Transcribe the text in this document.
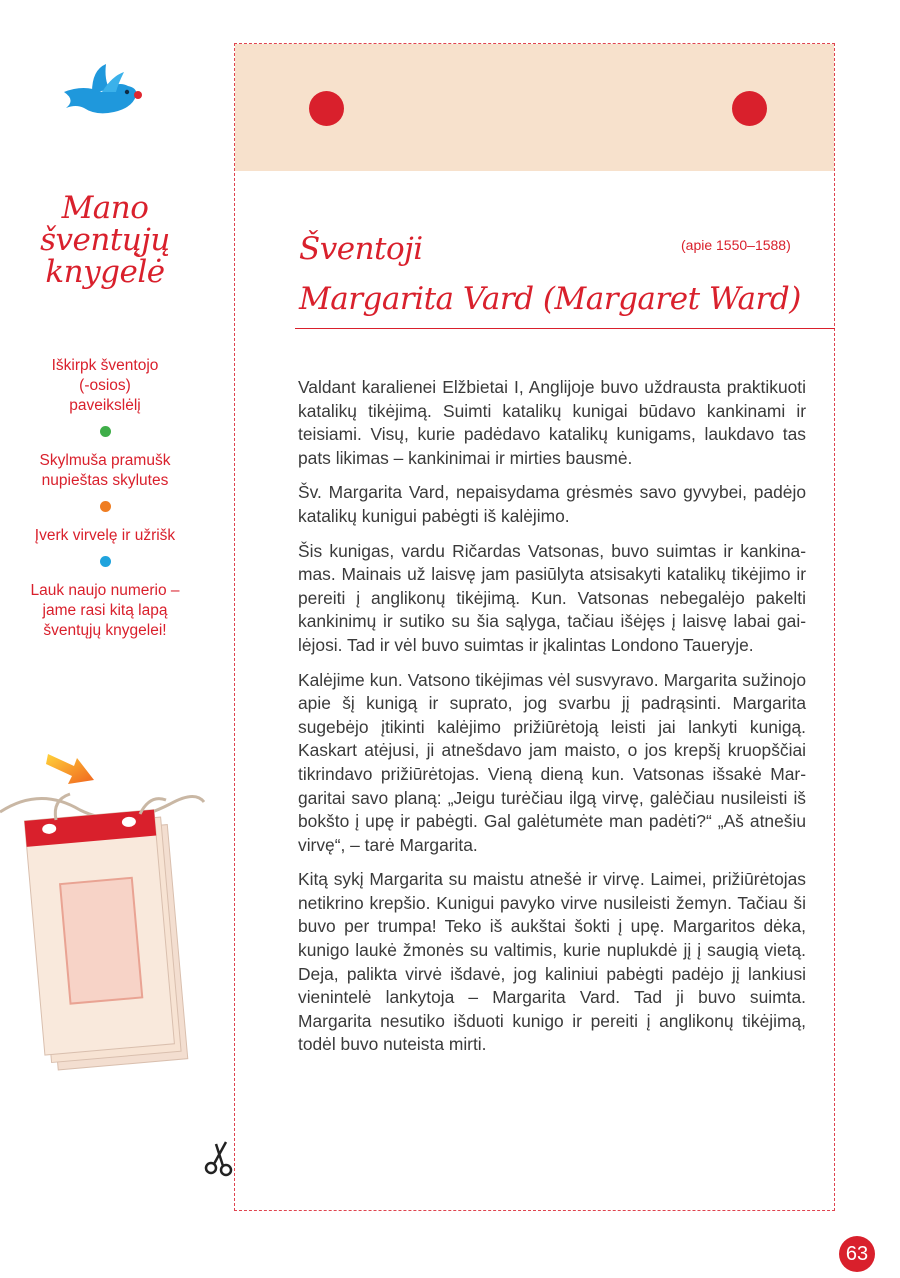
Mano
šventųjų
knygelė
Iškirpk šventojo (-osios) paveikslėlį
Skylmuša pramušk nupieštas skylutes
Įverk virvelę ir užrišk
Lauk naujo numerio – jame rasi kitą lapą šventųjų knygelei!
Šventoji
Margarita Vard (Margaret Ward)
(apie 1550–1588)

Valdant karalienei Elžbietai I, Anglijoje buvo uždrausta praktikuoti katalikų tikėjimą. Suimti katalikų kunigai būdavo kankinami ir teisiami. Visų, kurie padėdavo katalikų kunigams, laukdavo tas pats likimas – kankinimai ir mirties bausmė.

Šv. Margarita Vard, nepaisydama grėsmės savo gyvybei, padėjo katalikų kunigui pabėgti iš kalėjimo.

Šis kunigas, vardu Ričardas Vatsonas, buvo suimtas ir kankinamas. Mainais už laisvę jam pasiūlyta atsisakyti katalikų tikėjimo ir pereiti į anglikonų tikėjimą. Kun. Vatsonas nebegalėjo pakelti kankinimų ir sutiko su šia sąlyga, tačiau išėjęs į laisvę labai gailėjosi. Tad ir vėl buvo suimtas ir įkalintas Londono Taueryje.

Kalėjime kun. Vatsono tikėjimas vėl susvyravo. Margarita sužinojo apie šį kunigą ir suprato, jog svarbu jį padrąsinti. Margarita sugebėjo įtikinti kalėjimo prižiūrėtoją leisti jai lankyti kunigą. Kaskart atėjusi, ji atnešdavo jam maisto, o jos krepšį kruopščiai tikrindavo prižiūrėtojas. Vieną dieną kun. Vatsonas išsakė Margaritai savo planą: „Jeigu turėčiau ilgą virvę, galėčiau nusileisti iš bokšto į upę ir pabėgti. Gal galėtumėte man padėti?“ „Aš atnešiu virvę“, – tarė Margarita.

Kitą sykį Margarita su maistu atnešė ir virvę. Laimei, prižiūrėtojas netikrino krepšio. Kunigui pavyko virve nusileisti žemyn. Tačiau ši buvo per trumpa! Teko iš aukštai šokti į upę. Margaritos dėka, kunigo laukė žmonės su valtimis, kurie nuplukdė jį į saugią vietą. Deja, palikta virvė išdavė, jog kaliniui pabėgti padėjo jį lankiusi vienintelė lankytoja – Margarita Vard. Tad ji buvo suimta. Margarita nesutiko išduoti kunigo ir pereiti į anglikonų tikėjimą, todėl buvo nuteista mirti.

63
